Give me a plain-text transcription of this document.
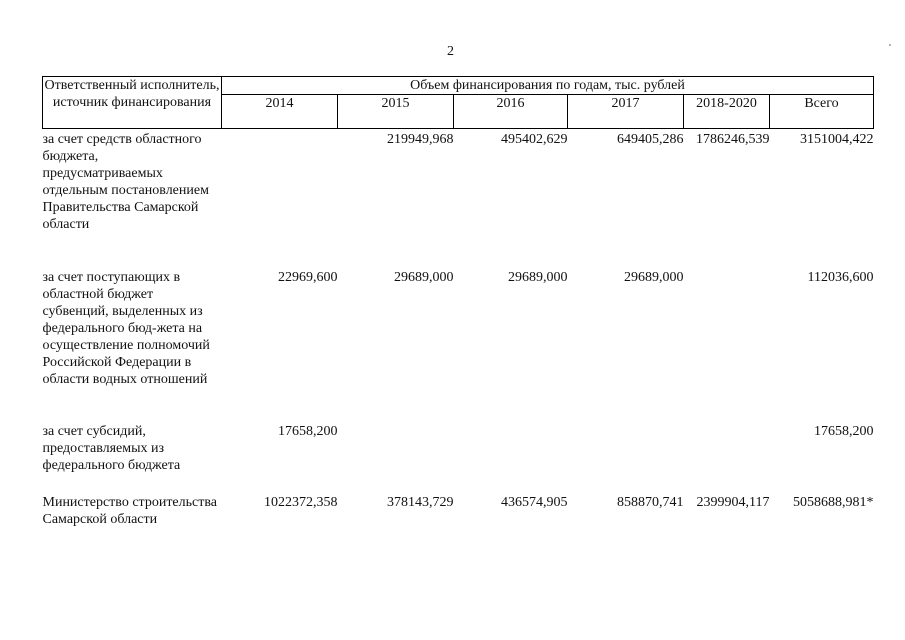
2
Ответственный исполнитель, источник финансирования	Объем финансирования по годам, тыс. рублей					
	2014	2015	2016	2017	2018-2020	Всего
за счет средств областного бюджета, предусматриваемых отдельным постановлением Правительства Самарской области		219949,968	495402,629	649405,286	1786246,539	3151004,422
за счет поступающих в областной бюджет субвенций, выделенных из федерального бюд-жета на осуществление полномочий Российской Федерации в области водных отношений	22969,600	29689,000	29689,000	29689,000		112036,600
за счет субсидий, предоставляемых из федерального бюджета	17658,200					17658,200
Министерство строительства Самарской области	1022372,358	378143,729	436574,905	858870,741	2399904,117	5058688,981*
